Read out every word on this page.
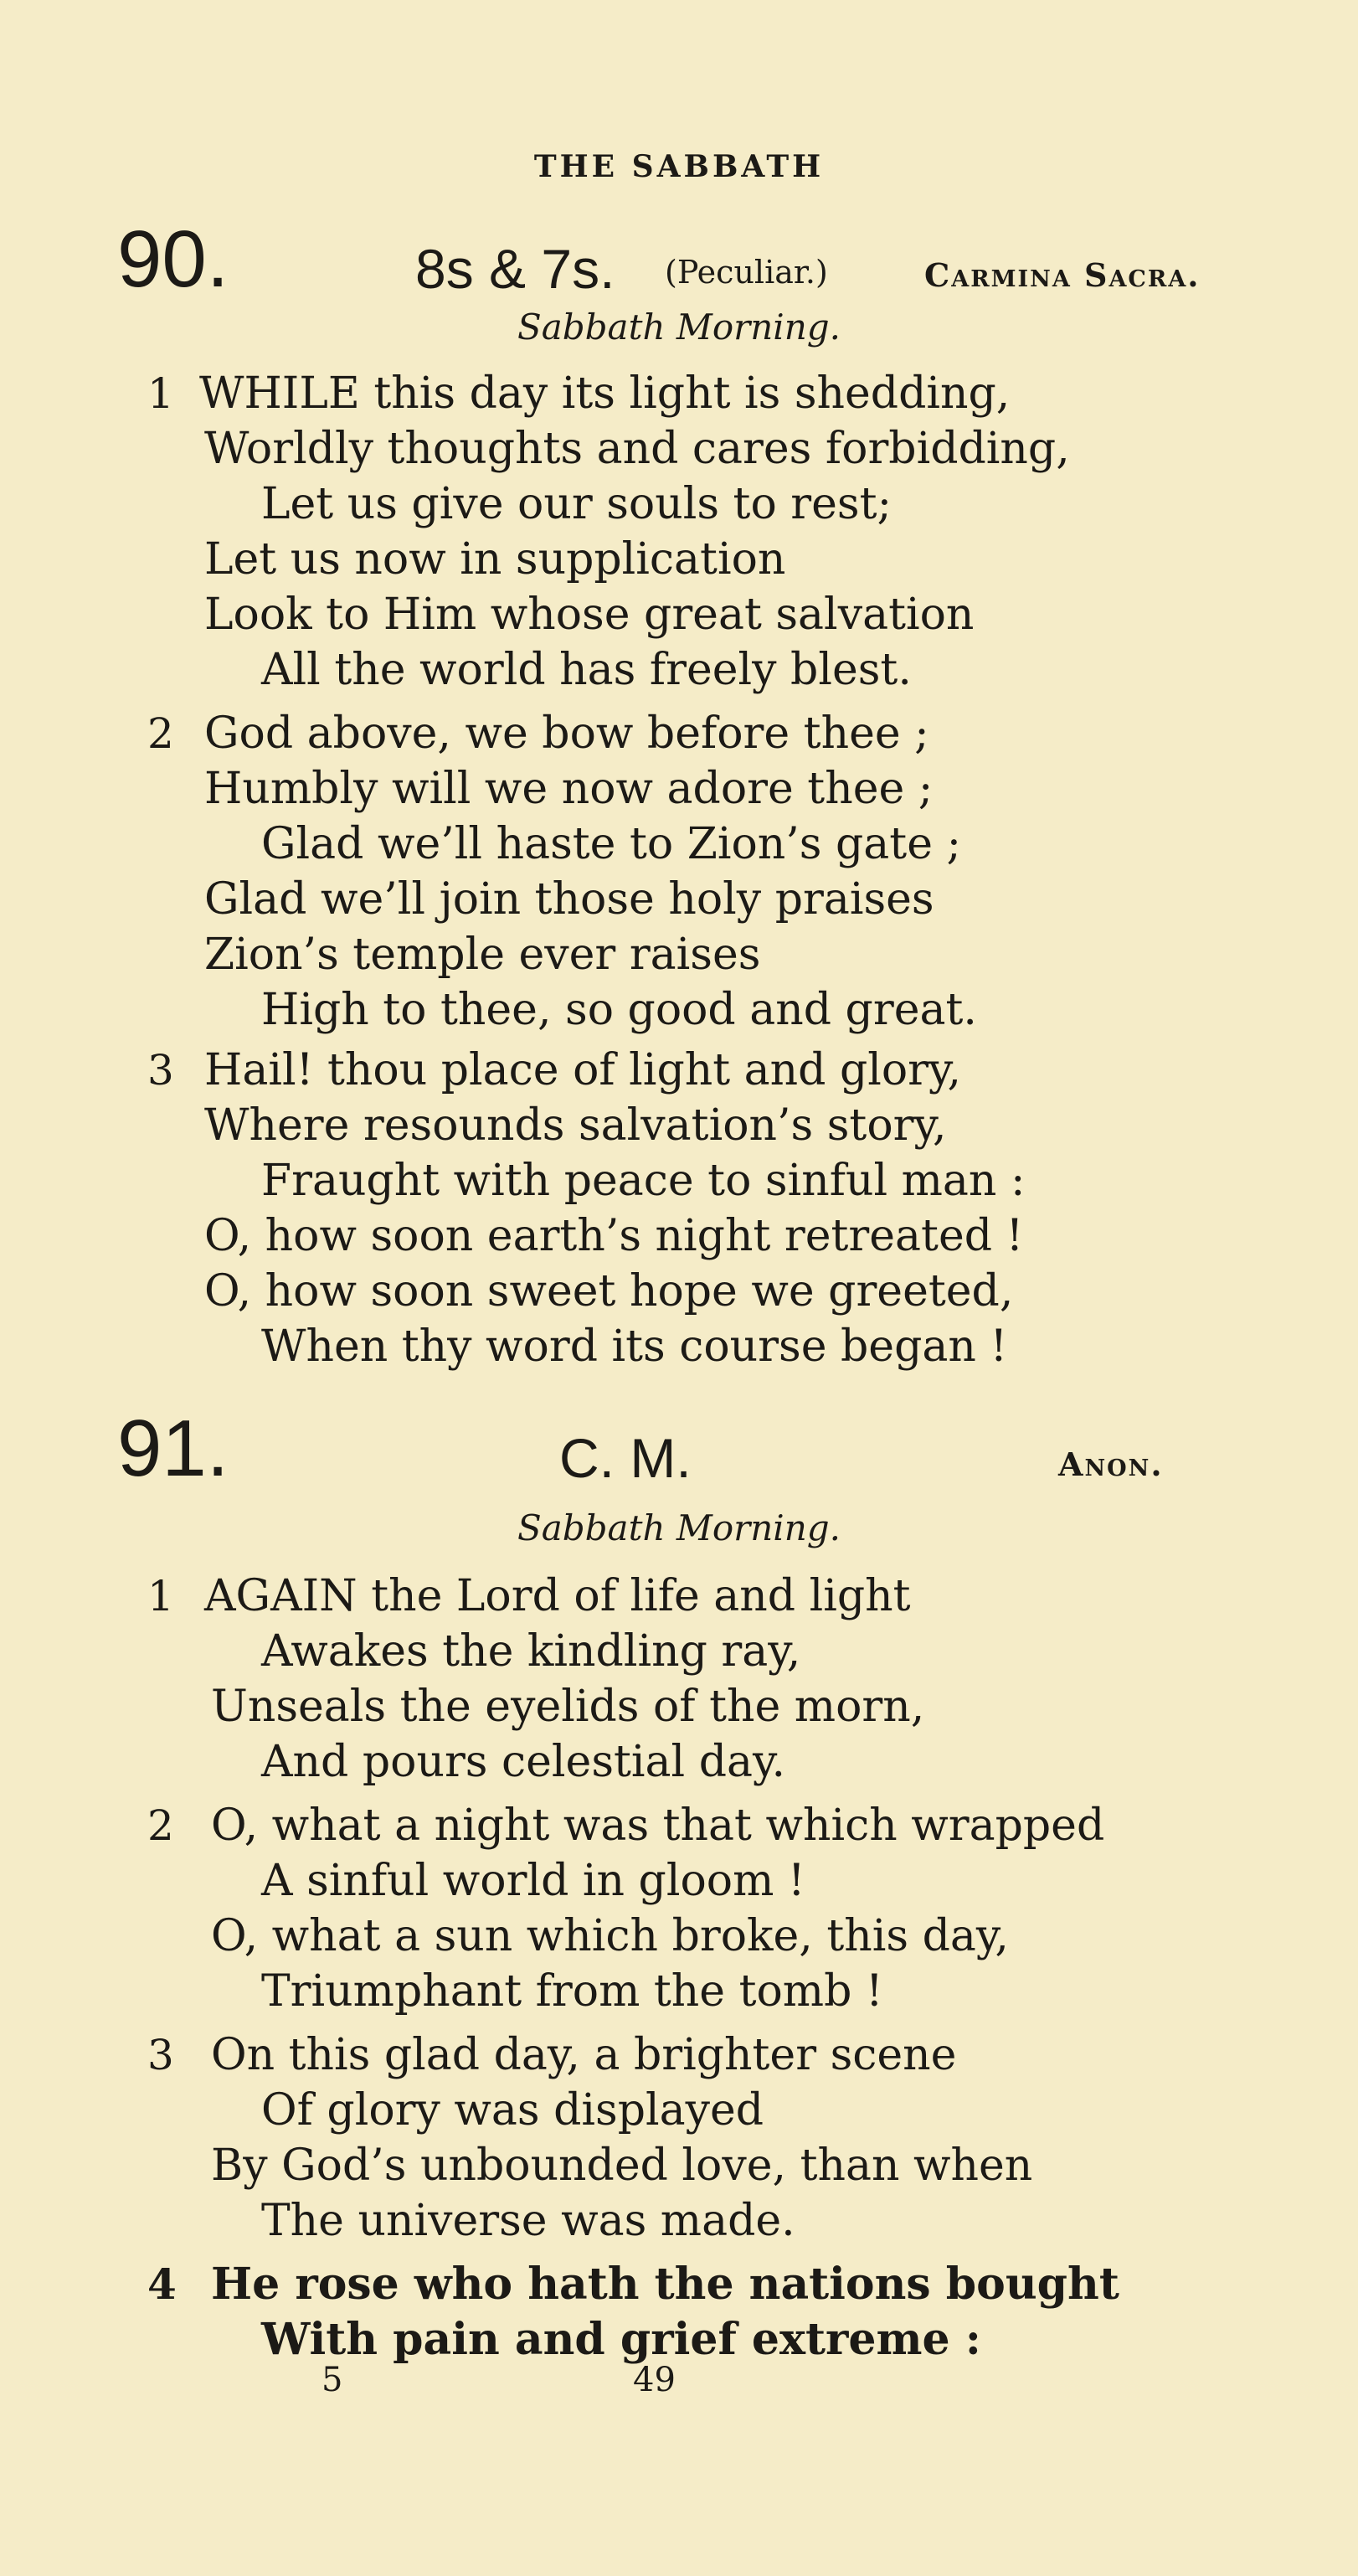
THE SABBATH
90.	8s & 7s. (Peculiar.)	Carmina Sacra.
Sabbath Morning.
1 WHILE this day its light is shedding,
Worldly thoughts and cares forbidding,
Let us give our souls to rest;
Let us now in supplication
Look to Him whose great salvation
All the world has freely blest.
2 God above, we bow before thee ;
Humbly will we now adore thee ;
Glad we’ll haste to Zion’s gate ;
Glad we’ll join those holy praises
Zion’s temple ever raises
High to thee, so good and great.
3 Hail! thou place of light and glory,
Where resounds salvation’s story,
Fraught with peace to sinful man :
O, how soon earth’s night retreated !
O, how soon sweet hope we greeted,
When thy word its course began !
91.	C. M.	Anon.
Sabbath Morning.
1 AGAIN the Lord of life and light
Awakes the kindling ray,
Unseals the eyelids of the morn,
And pours celestial day.
2 O, what a night was that which wrapped
A sinful world in gloom !
O, what a sun which broke, this day,
Triumphant from the tomb !
3 On this glad day, a brighter scene
Of glory was displayed
By God’s unbounded love, than when
The universe was made.
4 He rose who hath the nations bought
With pain and grief extreme :
5	49
